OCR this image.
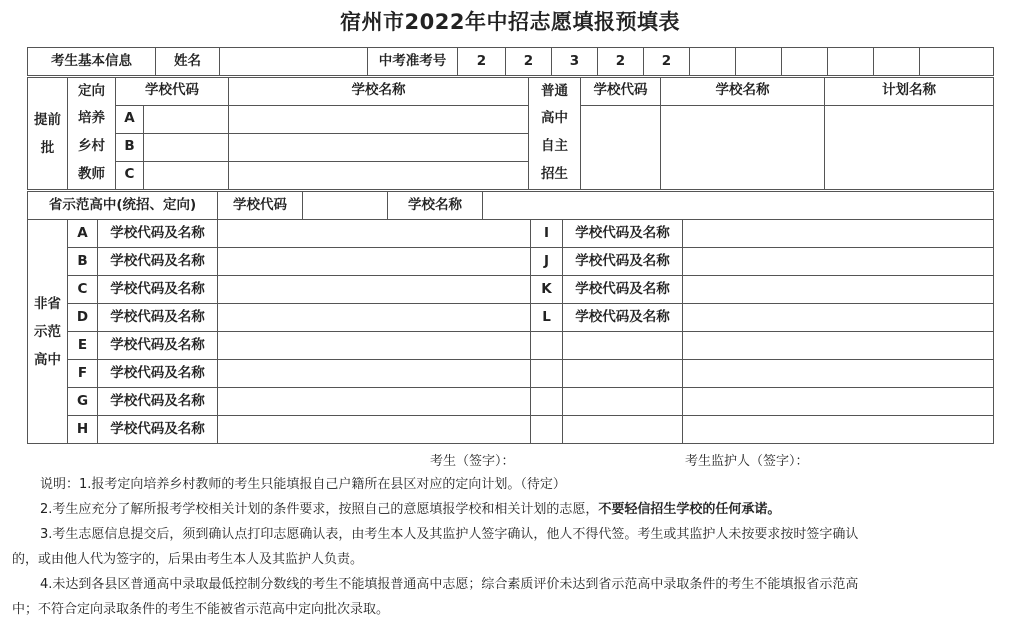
宿州市2022年中招志愿填报预填表
考生基本信息	姓名		中考准考号	2	2	3	2	2						
提前
批	定向	学校代码		学校名称	普通	学校代码	学校名称	计划名称
	培养	A			高中			
	乡村	B			自主			
	教师	C			招生			
省示范高中(统招、定向)	学校代码		学校名称	
非省
示范
高中	A	学校代码及名称		I	学校代码及名称	
	B	学校代码及名称		J	学校代码及名称	
	C	学校代码及名称		K	学校代码及名称	
	D	学校代码及名称		L	学校代码及名称	
	E	学校代码及名称				
	F	学校代码及名称				
	G	学校代码及名称				
	H	学校代码及名称				
考生（签字）：	考生监护人（签字）：

说明：1.报考定向培养乡村教师的考生只能填报自己户籍所在县区对应的定向计划。（待定）

2.考生应充分了解所报考学校相关计划的条件要求，按照自己的意愿填报学校和相关计划的志愿，不要轻信招生学校的任何承诺。

3.考生志愿信息提交后，须到确认点打印志愿确认表，由考生本人及其监护人签字确认，他人不得代签。考生或其监护人未按要求按时签字确认

的，或由他人代为签字的，后果由考生本人及其监护人负责。

4.未达到各县区普通高中录取最低控制分数线的考生不能填报普通高中志愿；综合素质评价未达到省示范高中录取条件的考生不能填报省示范高

中；不符合定向录取条件的考生不能被省示范高中定向批次录取。
